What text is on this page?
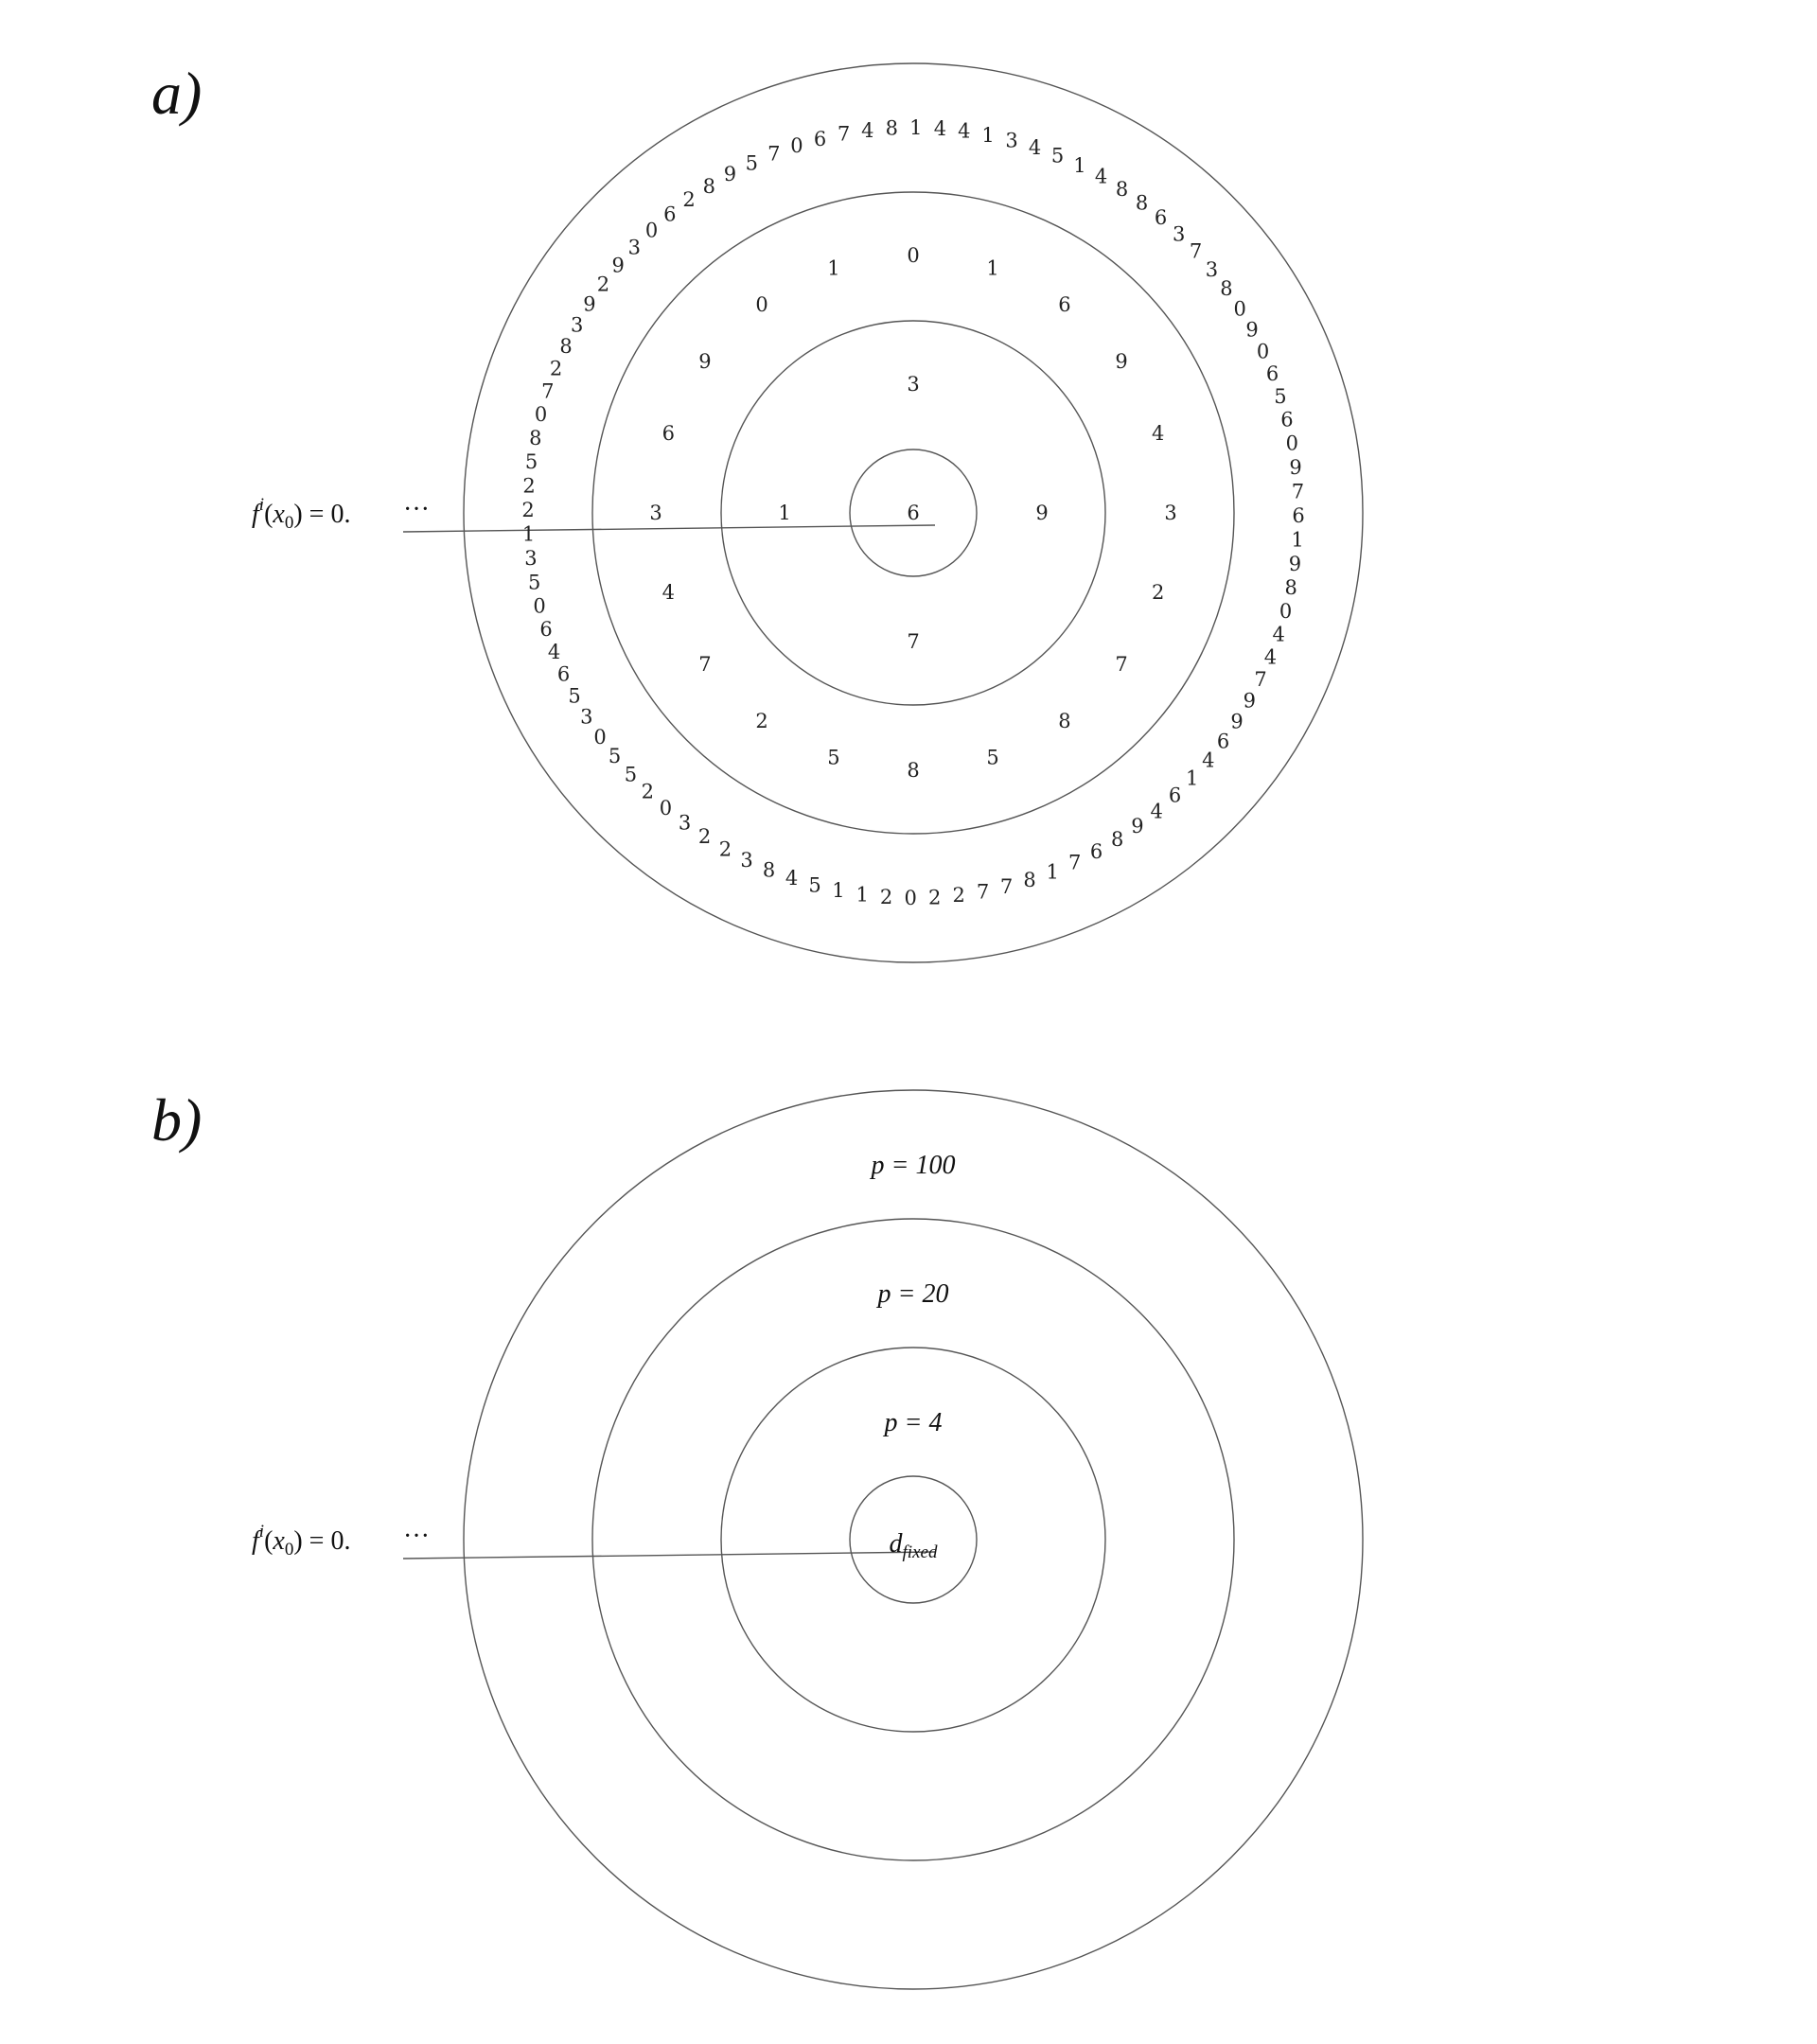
a)
$f^i(x_0) = 0$. ···	6
3
9
7
1
0
1
6
9
4
3
2
7
8
5
8
5
2
7
4
3
6
9
0
1
4 4 1 3 4 5 1 4
8
8
6
3
7
3
8
0
9
0
6
5
6
0
9
7
6
1
9
8
0
4
4
7
9
9
6
4
1
6
4
9
8
6
7
1
8
7
7
2
2
0
2
1
1
5
4
8
3
2
2
3
0
2
5
5
0
3
5
6
4
6
0
5
3
1
2
2
5
8
0
7
2
8
3
9
2
9
3
0
6
2
8
9 5 7 0 6 7 4 8 1
b)
$f^i(x_0) = 0$. ···	$d_{fixed}$
p = 4
p = 20
p = 100
